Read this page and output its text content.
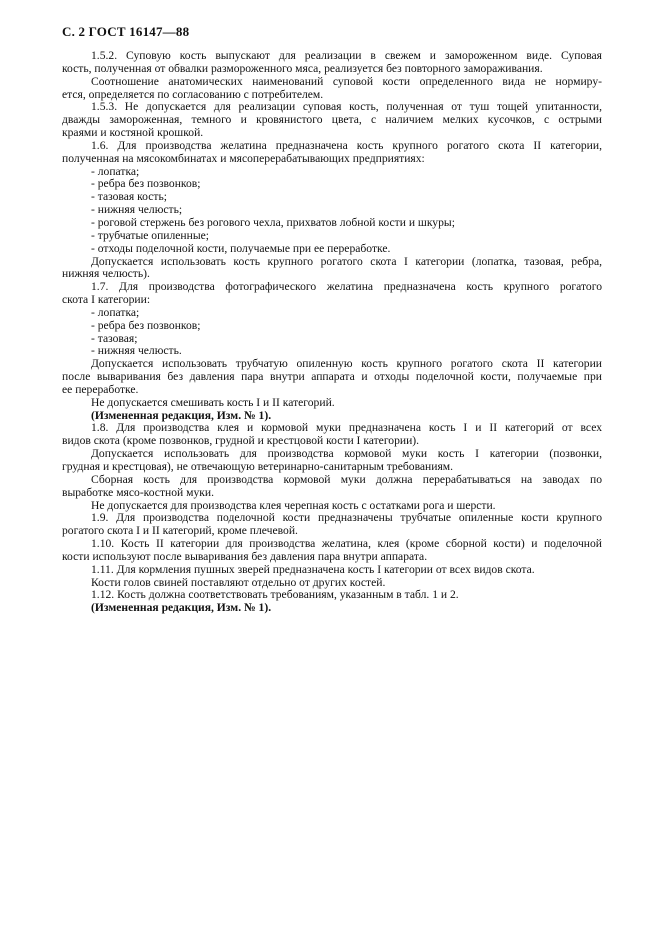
С. 2 ГОСТ 16147—88
1.5.2. Суповую кость выпускают для реализации в свежем и замороженном виде. Суповая
кость, полученная от обвалки размороженного мяса, реализуется без повторного замораживания.
Соотношение анатомических наименований суповой кости определенного вида не нормиру-
ется, определяется по согласованию с потребителем.
1.5.3. Не допускается для реализации суповая кость, полученная от туш тощей упитанности,
дважды замороженная, темного и кровянистого цвета, с наличием мелких кусочков, с острыми
краями и костяной крошкой.
1.6. Для производства желатина предназначена кость крупного рогатого скота II категории,
полученная на мясокомбинатах и мясоперерабатывающих предприятиях:
- лопатка;
- ребра без позвонков;
- тазовая кость;
- нижняя челюсть;
- роговой стержень без рогового чехла, прихватов лобной кости и шкуры;
- трубчатые опиленные;
- отходы поделочной кости, получаемые при ее переработке.
Допускается использовать кость крупного рогатого скота I категории (лопатка, тазовая, ребра,
нижняя челюсть).
1.7. Для производства фотографического желатина предназначена кость крупного рогатого
скота I категории:
- лопатка;
- ребра без позвонков;
- тазовая;
- нижняя челюсть.
Допускается использовать трубчатую опиленную кость крупного рогатого скота II категории
после вываривания без давления пара внутри аппарата и отходы поделочной кости, получаемые при
ее переработке.
Не допускается смешивать кость I и II категорий.
(Измененная редакция, Изм. № 1).
1.8. Для производства клея и кормовой муки предназначена кость I и II категорий от всех
видов скота (кроме позвонков, грудной и крестцовой кости I категории).
Допускается использовать для производства кормовой муки кость I категории (позвонки,
грудная и крестцовая), не отвечающую ветеринарно-санитарным требованиям.
Сборная кость для производства кормовой муки должна перерабатываться на заводах по
выработке мясо-костной муки.
Не допускается для производства клея черепная кость с остатками рога и шерсти.
1.9. Для производства поделочной кости предназначены трубчатые опиленные кости крупного
рогатого скота I и II категорий, кроме плечевой.
1.10. Кость II категории для производства желатина, клея (кроме сборной кости) и поделочной
кости используют после вываривания без давления пара внутри аппарата.
1.11. Для кормления пушных зверей предназначена кость I категории от всех видов скота.
Кости голов свиней поставляют отдельно от других костей.
1.12. Кость должна соответствовать требованиям, указанным в табл. 1 и 2.
(Измененная редакция, Изм. № 1).
